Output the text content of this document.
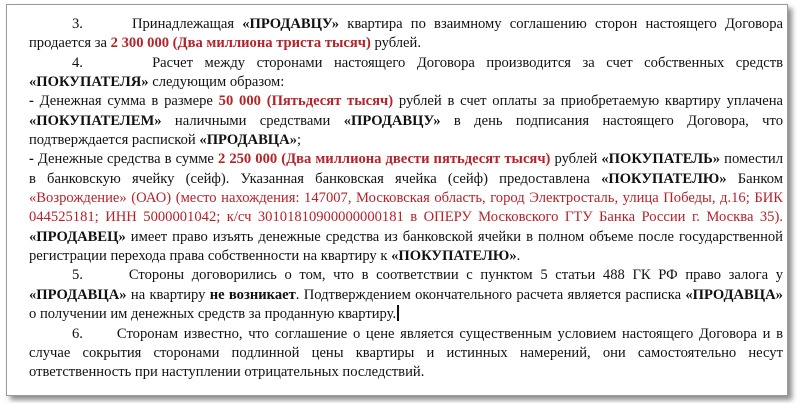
3.	Принадлежащая «ПРОДАВЦУ» квартира по взаимному соглашению сторон настоящего Договора продается за 2 300 000 (Два миллиона триста тысяч) рублей.

4.	Расчет между сторонами настоящего Договора производится за счет собственных средств «ПОКУПАТЕЛЯ» следующим образом:

- Денежная сумма в размере 50 000 (Пятьдесят тысяч) рублей в счет оплаты за приобретаемую квартиру уплачена «ПОКУПАТЕЛЕМ» наличными средствами «ПРОДАВЦУ» в день подписания настоящего Договора, что подтверждается распиской «ПРОДАВЦА»;

- Денежные средства в сумме 2 250 000 (Два миллиона двести пятьдесят тысяч) рублей «ПОКУПАТЕЛЬ» поместил в банковскую ячейку (сейф). Указанная банковская ячейка (сейф) предоставлена «ПОКУПАТЕЛЮ» Банком «Возрождение» (ОАО) (место нахождения: 147007, Московская область, город Электросталь, улица Победы, д.16; БИК 044525181; ИНН 5000001042; к/сч 30101810900000000181 в ОПЕРУ Московского ГТУ Банка России г. Москва 35). «ПРОДАВЕЦ» имеет право изъять денежные средства из банковской ячейки в полном объеме после государственной регистрации перехода права собственности на квартиру к «ПОКУПАТЕЛЮ».

5.	Стороны договорились о том, что в соответствии с пунктом 5 статьи 488 ГК РФ право залога у «ПРОДАВЦА» на квартиру не возникает. Подтверждением окончательного расчета является расписка «ПРОДАВЦА» о получении им денежных средств за проданную квартиру.

6. Сторонам известно, что соглашение о цене является существенным условием настоящего Договора и в случае сокрытия сторонами подлинной цены квартиры и истинных намерений, они самостоятельно несут ответственность при наступлении отрицательных последствий.
